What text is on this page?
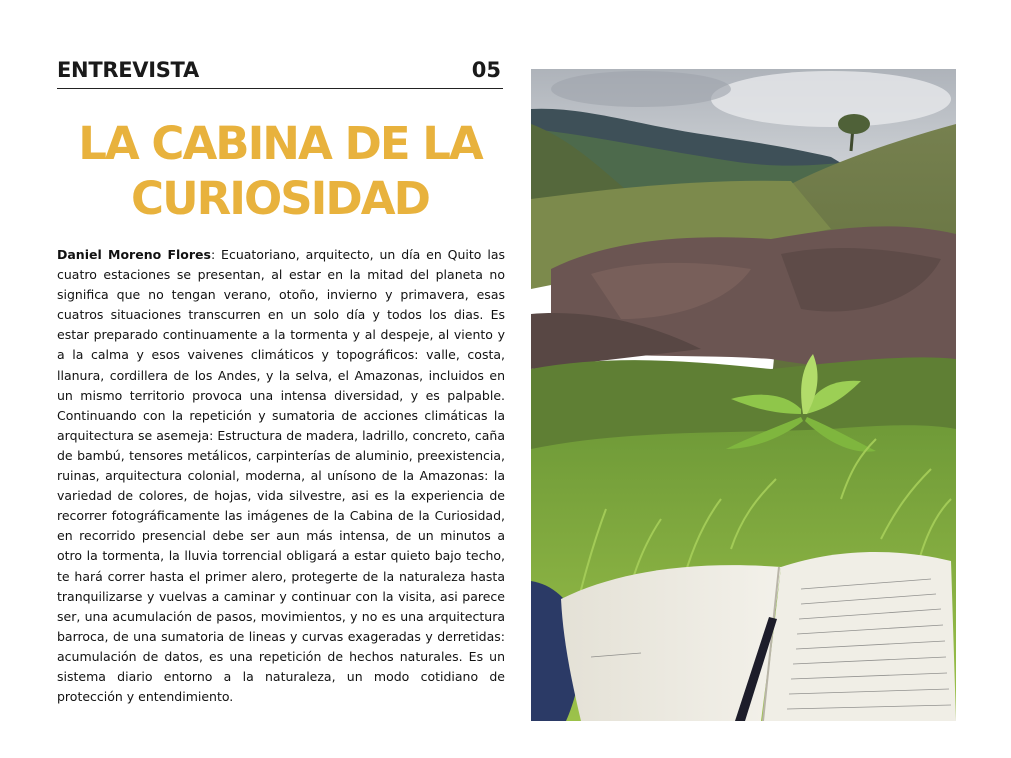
ENTREVISTA	05
LA CABINA DE LA
CURIOSIDAD
Daniel Moreno Flores: Ecuatoriano, arquitecto, un día en Quito las cuatro estaciones se presentan, al estar en la mitad del planeta no significa que no tengan verano, otoño, invierno y primavera, esas cuatros situaciones transcurren en un solo día y todos los dias. Es estar preparado continuamente a la tormenta y al despeje, al viento y a la calma y esos vaivenes climáticos y topográficos: valle, costa, llanura, cordillera de los Andes, y la selva, el Amazonas, incluidos en un mismo territorio provoca una intensa diversidad, y es palpable. Continuando con la repetición y sumatoria de acciones climáticas la arquitectura se asemeja: Estructura de madera, ladrillo, concreto, caña de bambú, tensores metálicos, carpinterías de aluminio, preexistencia, ruinas, arquitectura colonial, moderna, al unísono de la Amazonas: la variedad de colores, de hojas, vida silvestre, asi es la experiencia de recorrer fotográficamente las imágenes de la Cabina de la Curiosidad, en recorrido presencial debe ser aun más intensa, de un minutos a otro la tormenta, la lluvia torrencial obligará a estar quieto bajo techo, te hará correr hasta el primer alero, protegerte de la naturaleza hasta tranquilizarse y vuelvas a caminar y continuar con la visita, asi parece ser, una acumulación de pasos, movimientos, y no es una arquitectura barroca, de una sumatoria de lineas y curvas exageradas y derretidas: acumulación de datos, es una repetición de hechos naturales. Es un sistema diario entorno a la naturaleza, un modo cotidiano de protección y entendimiento.
